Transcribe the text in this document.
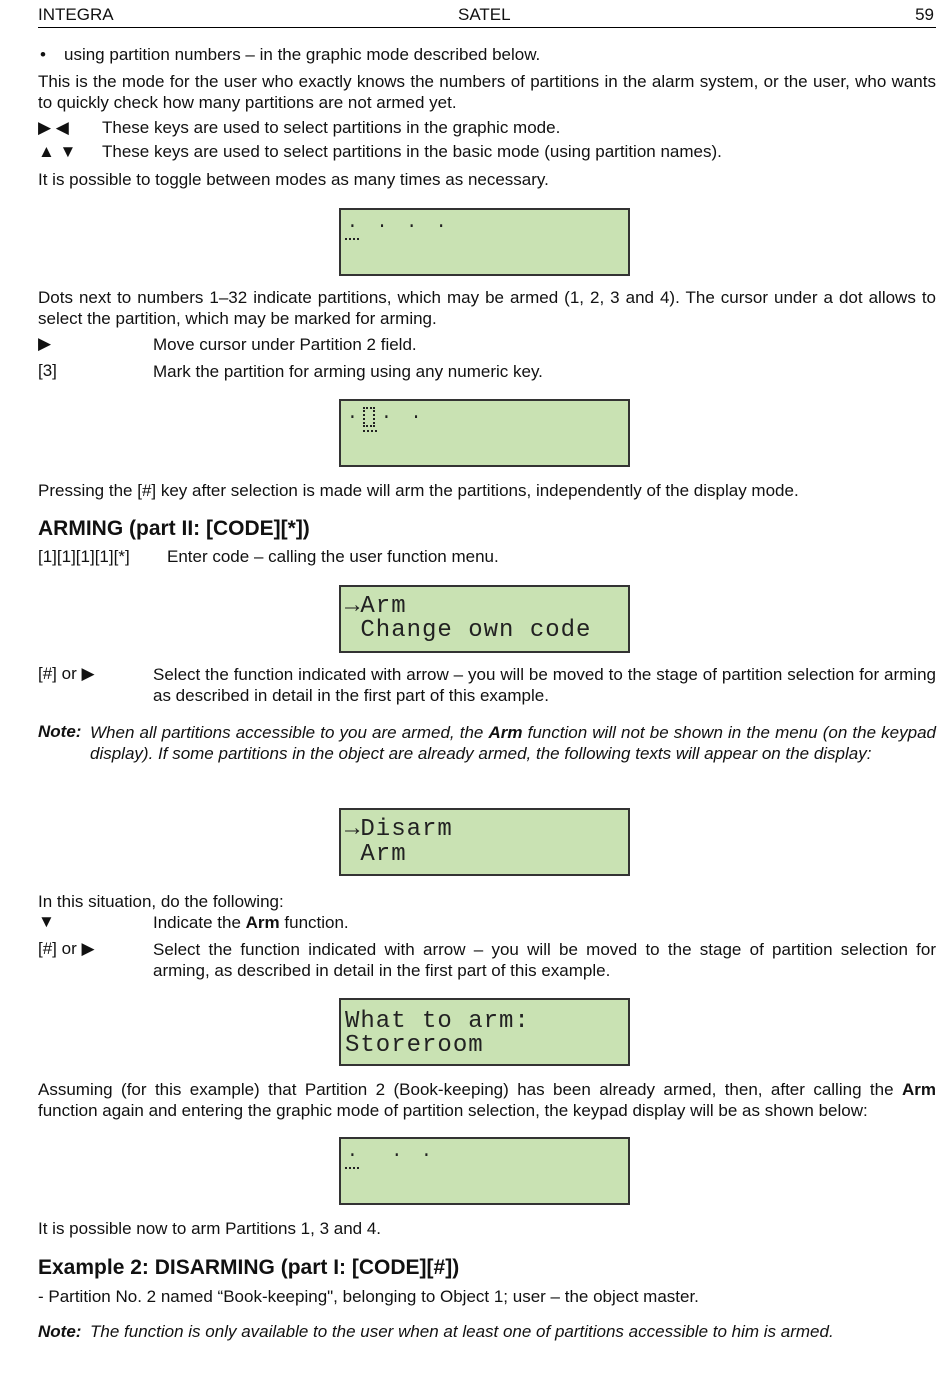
INTEGRA	SATEL	59
• using partition numbers – in the graphic mode described below.
This is the mode for the user who exactly knows the numbers of partitions in the alarm system, or the user, who wants to quickly check how many partitions are not armed yet.
▶ ◀	These keys are used to select partitions in the graphic mode.
▲ ▼	These keys are used to select partitions in the basic mode (using partition names).
It is possible to toggle between modes as many times as necessary.
. . . .
Dots next to numbers 1–32 indicate partitions, which may be armed (1, 2, 3 and 4). The cursor under a dot allows to select the partition, which may be marked for arming.
▶	Move cursor under Partition 2 field.
[3]	Mark the partition for arming using any numeric key.
. . .
Pressing the [#] key after selection is made will arm the partitions, independently of the display mode.
ARMING (part II: [CODE][*])
[1][1][1][1][*]	Enter code – calling the user function menu.
→Arm
Change own code
[#] or ▶	Select the function indicated with arrow – you will be moved to the stage of partition selection for arming as described in detail in the first part of this example.
Note: When all partitions accessible to you are armed, the Arm function will not be shown in the menu (on the keypad display). If some partitions in the object are already armed, the following texts will appear on the display:
→Disarm
Arm
In this situation, do the following:
▼	Indicate the Arm function.
[#] or ▶	Select the function indicated with arrow – you will be moved to the stage of partition selection for arming, as described in detail in the first part of this example.
What to arm:
Storeroom
Assuming (for this example) that Partition 2 (Book-keeping) has been already armed, then, after calling the Arm function again and entering the graphic mode of partition selection, the keypad display will be as shown below:
.  . .
It is possible now to arm Partitions 1, 3 and 4.
Example 2: DISARMING (part I: [CODE][#])
- Partition No. 2 named “Book-keeping", belonging to Object 1; user – the object master.
Note: The function is only available to the user when at least one of partitions accessible to him is armed.
